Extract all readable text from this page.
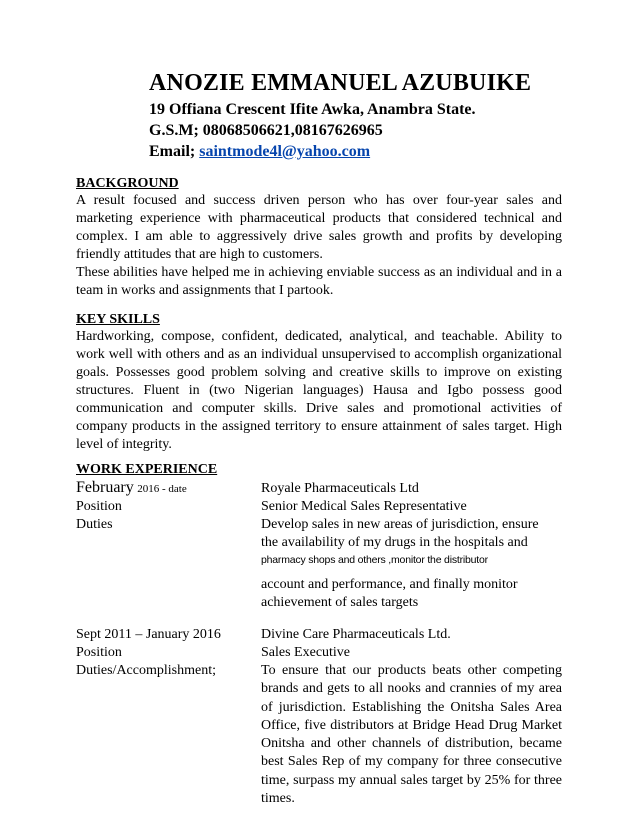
ANOZIE EMMANUEL AZUBUIKE
19 Offiana Crescent Ifite Awka, Anambra State.
G.S.M; 08068506621,08167626965
Email; saintmode4l@yahoo.com
BACKGROUND
A result focused and success driven person who has over four-year sales and marketing experience with pharmaceutical products that considered technical and complex. I am able to aggressively drive sales growth and profits by developing friendly attitudes that are high to customers.
These abilities have helped me in achieving enviable success as an individual and in a team in works and assignments that I partook.
KEY SKILLS
Hardworking, compose, confident, dedicated, analytical, and teachable. Ability to work well with others and as an individual unsupervised to accomplish organizational goals. Possesses good problem solving and creative skills to improve on existing structures. Fluent in (two Nigerian languages) Hausa and Igbo possess good communication and computer skills. Drive sales and promotional activities of company products in the assigned territory to ensure attainment of sales target. High level of integrity.
WORK EXPERIENCE
February 2016 - date	Royale Pharmaceuticals Ltd
Position	Senior Medical Sales Representative
Duties	Develop sales in new areas of jurisdiction, ensure
the availability of my drugs in the hospitals and
pharmacy shops and others ,monitor the distributor
account and performance, and finally monitor
achievement of sales targets
Sept 2011 – January 2016	Divine Care Pharmaceuticals Ltd.
Position	Sales Executive
Duties/Accomplishment;	To ensure that our products beats other competing brands and gets to all nooks and crannies of my area of jurisdiction. Establishing the Onitsha Sales Area Office, five distributors at Bridge Head Drug Market Onitsha and other channels of distribution, became best Sales Rep of my company for three consecutive time, surpass my annual sales target by 25% for three times.
